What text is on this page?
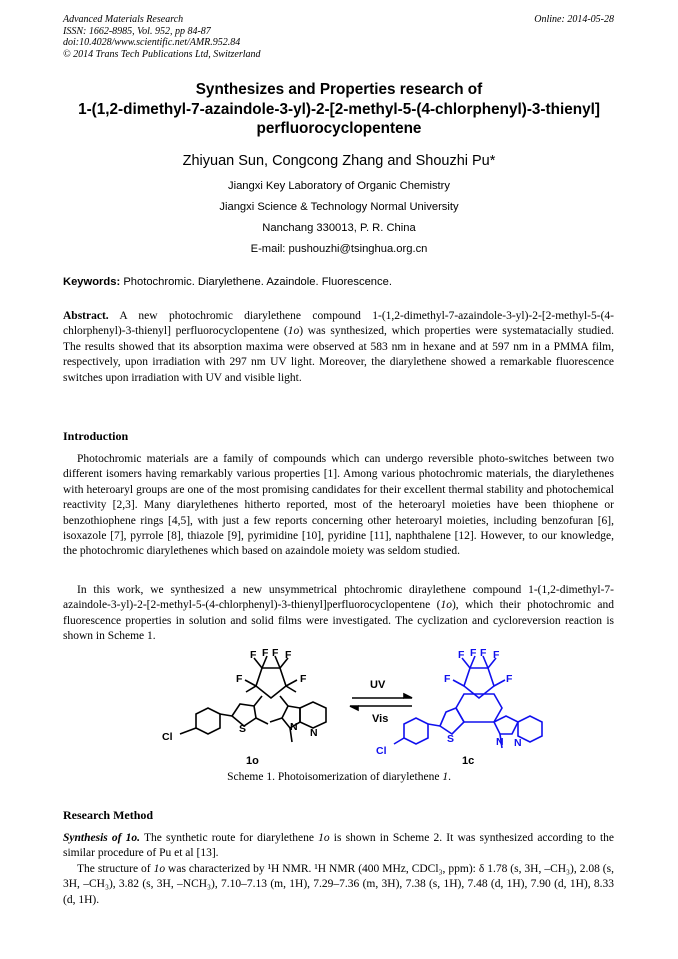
Advanced Materials Research
ISSN: 1662-8985, Vol. 952, pp 84-87
doi:10.4028/www.scientific.net/AMR.952.84
© 2014 Trans Tech Publications Ltd, Switzerland
Online: 2014-05-28
Synthesizes and Properties research of
1-(1,2-dimethyl-7-azaindole-3-yl)-2-[2-methyl-5-(4-chlorphenyl)-3-thienyl]
perfluorocyclopentene
Zhiyuan Sun, Congcong Zhang and Shouzhi Pu*
Jiangxi Key Laboratory of Organic Chemistry
Jiangxi Science & Technology Normal University
Nanchang 330013, P. R. China
E-mail: pushouzhi@tsinghua.org.cn
Keywords: Photochromic. Diarylethene. Azaindole. Fluorescence.
Abstract. A new photochromic diarylethene compound 1-(1,2-dimethyl-7-azaindole-3-yl)-2-[2-methyl-5-(4-chlorphenyl)-3-thienyl] perfluorocyclopentene (1o) was synthesized, which properties were systematacially studied. The results showed that its absorption maxima were observed at 583 nm in hexane and at 597 nm in a PMMA film, respectively, upon irradiation with 297 nm UV light. Moreover, the diarylethene showed a remarkable fluorescence switches upon irradiation with UV and visible light.
Introduction
Photochromic materials are a family of compounds which can undergo reversible photo-switches between two different isomers having remarkably various properties [1]. Among various photochromic materials, the diarylethenes with heteroaryl groups are one of the most promising candidates for their excellent thermal stability and photochemical reactivity [2,3]. Many diarylethenes hitherto reported, most of the heteroaryl moieties have been thiophene or benzothiophene rings [4,5], with just a few reports concerning other heteroaryl moieties, including benzofuran [6], isoxazole [7], pyrrole [8], thiazole [9], pyrimidine [10], pyridine [11], naphthalene [12]. However, to our knowledge, the photochromic diarylethenes which based on azaindole moiety was seldom studied.
In this work, we synthesized a new unsymmetrical phtochromic diraylethene compound 1-(1,2-dimethyl-7-azaindole-3-yl)-2-[2-methyl-5-(4-chlorphenyl)-3-thienyl]perfluorocyclopentene (1o), which their photochromic and fluorescence properties in solution and solid films were investigated. The cyclization and cycloreversion reaction is shown in Scheme 1.
F F F F
F	F
S	N N
Cl
1o
UV
Vis
F F F F
F	F
S	N N
Cl
1c
Scheme 1. Photoisomerization of diarylethene 1.
Research Method
Synthesis of 1o. The synthetic route for diarylethene 1o is shown in Scheme 2. It was synthesized according to the similar procedure of Pu et al [13].
The structure of 1o was characterized by ¹H NMR. ¹H NMR (400 MHz, CDCl₃, ppm): δ 1.78 (s, 3H, –CH₃), 2.08 (s, 3H, –CH₃), 3.82 (s, 3H, –NCH₃), 7.10–7.13 (m, 1H), 7.29–7.36 (m, 3H), 7.38 (s, 1H), 7.48 (d, 1H), 7.90 (d, 1H), 8.33 (d, 1H).
